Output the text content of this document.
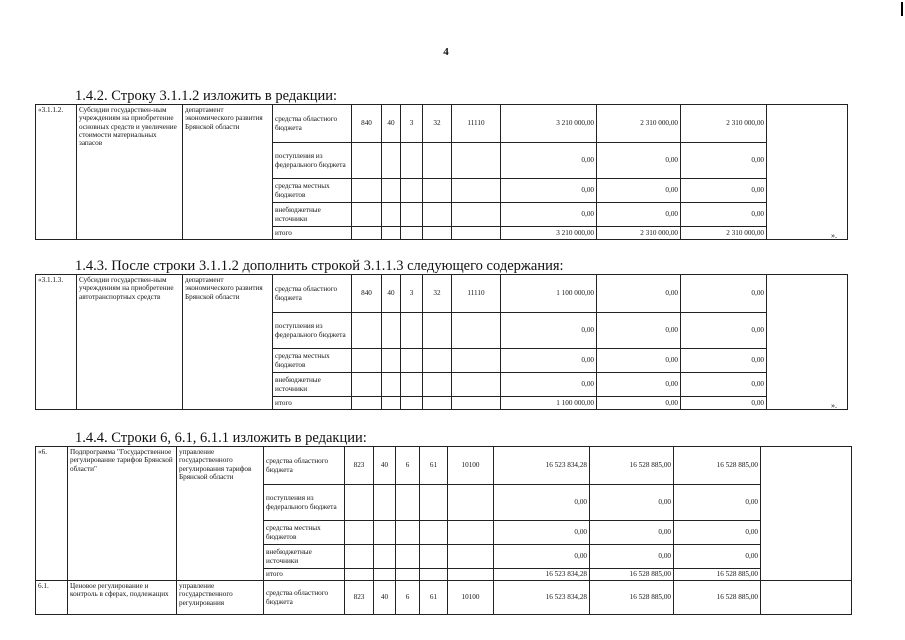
4
1.4.2. Строку 3.1.1.2 изложить в редакции:
«3.1.1.2.	Субсидии государствен-ным учреждениям на приобретение основных средств и увеличение стоимости материальных запасов	департамент экономического развития Брянской области	средства областного бюджета	840	40	3	32	11110	3 210 000,00	2 310 000,00	2 310 000,00	
			поступления из федерального бюджета						0,00	0,00	0,00	
			средства местных бюджетов						0,00	0,00	0,00	
			внебюджетные источники						0,00	0,00	0,00	
			итого						3 210 000,00	2 310 000,00	2 310 000,00		».
1.4.3. После строки 3.1.1.2 дополнить строкой 3.1.1.3 следующего содержания:
«3.1.1.3.	Субсидии государствен-ным учреждениям на приобретение автотранспортных средств	департамент экономического развития Брянской области	средства областного бюджета	840	40	3	32	11110	1 100 000,00	0,00	0,00	
			поступления из федерального бюджета						0,00	0,00	0,00	
			средства местных бюджетов						0,00	0,00	0,00	
			внебюджетные источники						0,00	0,00	0,00	
			итого						1 100 000,00	0,00	0,00		».
1.4.4. Строки 6, 6.1, 6.1.1 изложить в редакции:
«6.	Подпрограмма "Государственное регулирование тарифов Брянской области"	управление государственного регулирования тарифов Брянской области	средства областного бюджета	823	40	6	61	10100	16 523 834,28	16 528 885,00	16 528 885,00	
			поступления из федерального бюджета						0,00	0,00	0,00	
			средства местных бюджетов						0,00	0,00	0,00	
			внебюджетные источники						0,00	0,00	0,00	
			итого						16 523 834,28	16 528 885,00	16 528 885,00	
6.1.	Ценовое регулирование и контроль в сферах, подлежащих	управление государственного регулирования	средства областного бюджета	823	40	6	61	10100	16 523 834,28	16 528 885,00	16 528 885,00	
